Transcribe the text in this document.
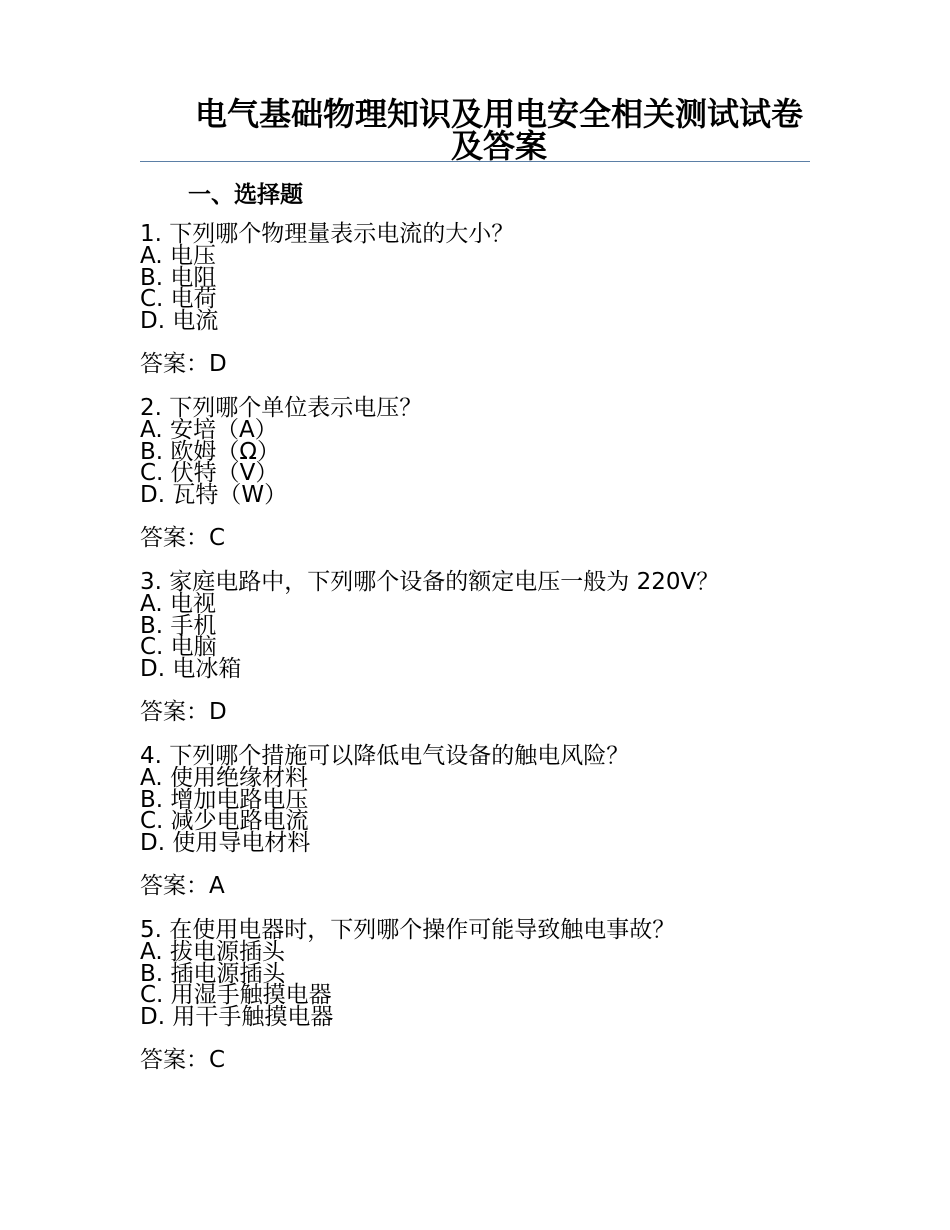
电气基础物理知识及用电安全相关测试试卷及答案
一、选择题
1. 下列哪个物理量表示电流的大小？
A. 电压
B. 电阻
C. 电荷
D. 电流
答案：D
2. 下列哪个单位表示电压？
A. 安培（A）
B. 欧姆（Ω）
C. 伏特（V）
D. 瓦特（W）
答案：C
3. 家庭电路中，下列哪个设备的额定电压一般为 220V？
A. 电视
B. 手机
C. 电脑
D. 电冰箱
答案：D
4. 下列哪个措施可以降低电气设备的触电风险？
A. 使用绝缘材料
B. 增加电路电压
C. 减少电路电流
D. 使用导电材料
答案：A
5. 在使用电器时，下列哪个操作可能导致触电事故？
A. 拔电源插头
B. 插电源插头
C. 用湿手触摸电器
D. 用干手触摸电器
答案：C
